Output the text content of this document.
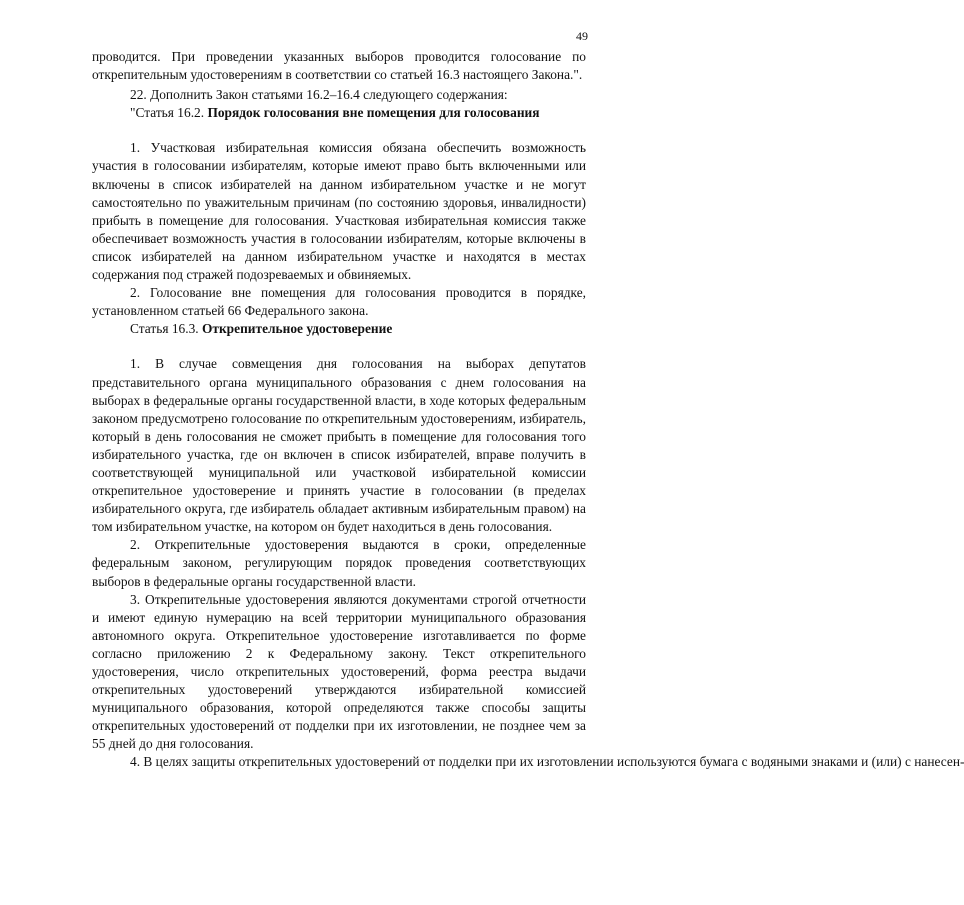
49

проводится. При проведении указанных выборов проводится голосование по открепительным удостоверениям в соответствии со статьей 16.3 настоящего Закона.".

22. Дополнить Закон статьями 16.2–16.4 следующего содержания:

"Статья 16.2. Порядок голосования вне помещения для голосования

1. Участковая избирательная комиссия обязана обеспечить возможность участия в голосовании избирателям, которые имеют право быть включенными или включены в список избирателей на данном избирательном участке и не могут самостоятельно по уважительным причинам (по состоянию здоровья, инвалидности) прибыть в помещение для голосования. Участковая избирательная комиссия также обеспечивает возможность участия в голосовании избирателям, которые включены в список избирателей на данном избирательном участке и находятся в местах содержания под стражей подозреваемых и обвиняемых.

2. Голосование вне помещения для голосования проводится в порядке, установленном статьей 66 Федерального закона.

Статья 16.3. Открепительное удостоверение

1. В случае совмещения дня голосования на выборах депутатов представительного органа муниципального образования с днем голосования на выборах в федеральные органы государственной власти, в ходе которых федеральным законом предусмотрено голосование по открепительным удостоверениям, избиратель, который в день голосования не сможет прибыть в помещение для голосования того избирательного участка, где он включен в список избирателей, вправе получить в соответствующей муниципальной или участковой избирательной комиссии открепительное удостоверение и принять участие в голосовании (в пределах избирательного округа, где избиратель обладает активным избирательным правом) на том избирательном участке, на котором он будет находиться в день голосования.

2. Открепительные удостоверения выдаются в сроки, определенные федеральным законом, регулирующим порядок проведения соответствующих выборов в федеральные органы государственной власти.

3. Открепительные удостоверения являются документами строгой отчетности и имеют единую нумерацию на всей территории муниципального образования автономного округа. Открепительное удостоверение изготавливается по форме согласно приложению 2 к Федеральному закону. Текст открепительного удостоверения, число открепительных удостоверений, форма реестра выдачи открепительных удостоверений утверждаются избирательной комиссией муниципального образования, которой определяются также способы защиты открепительных удостоверений от подделки при их изготовлении, не позднее чем за 55 дней до дня голосования.

4. В целях защиты открепительных удостоверений от подделки при их изготовлении используются бумага с водяными знаками и (или) с нанесен-
